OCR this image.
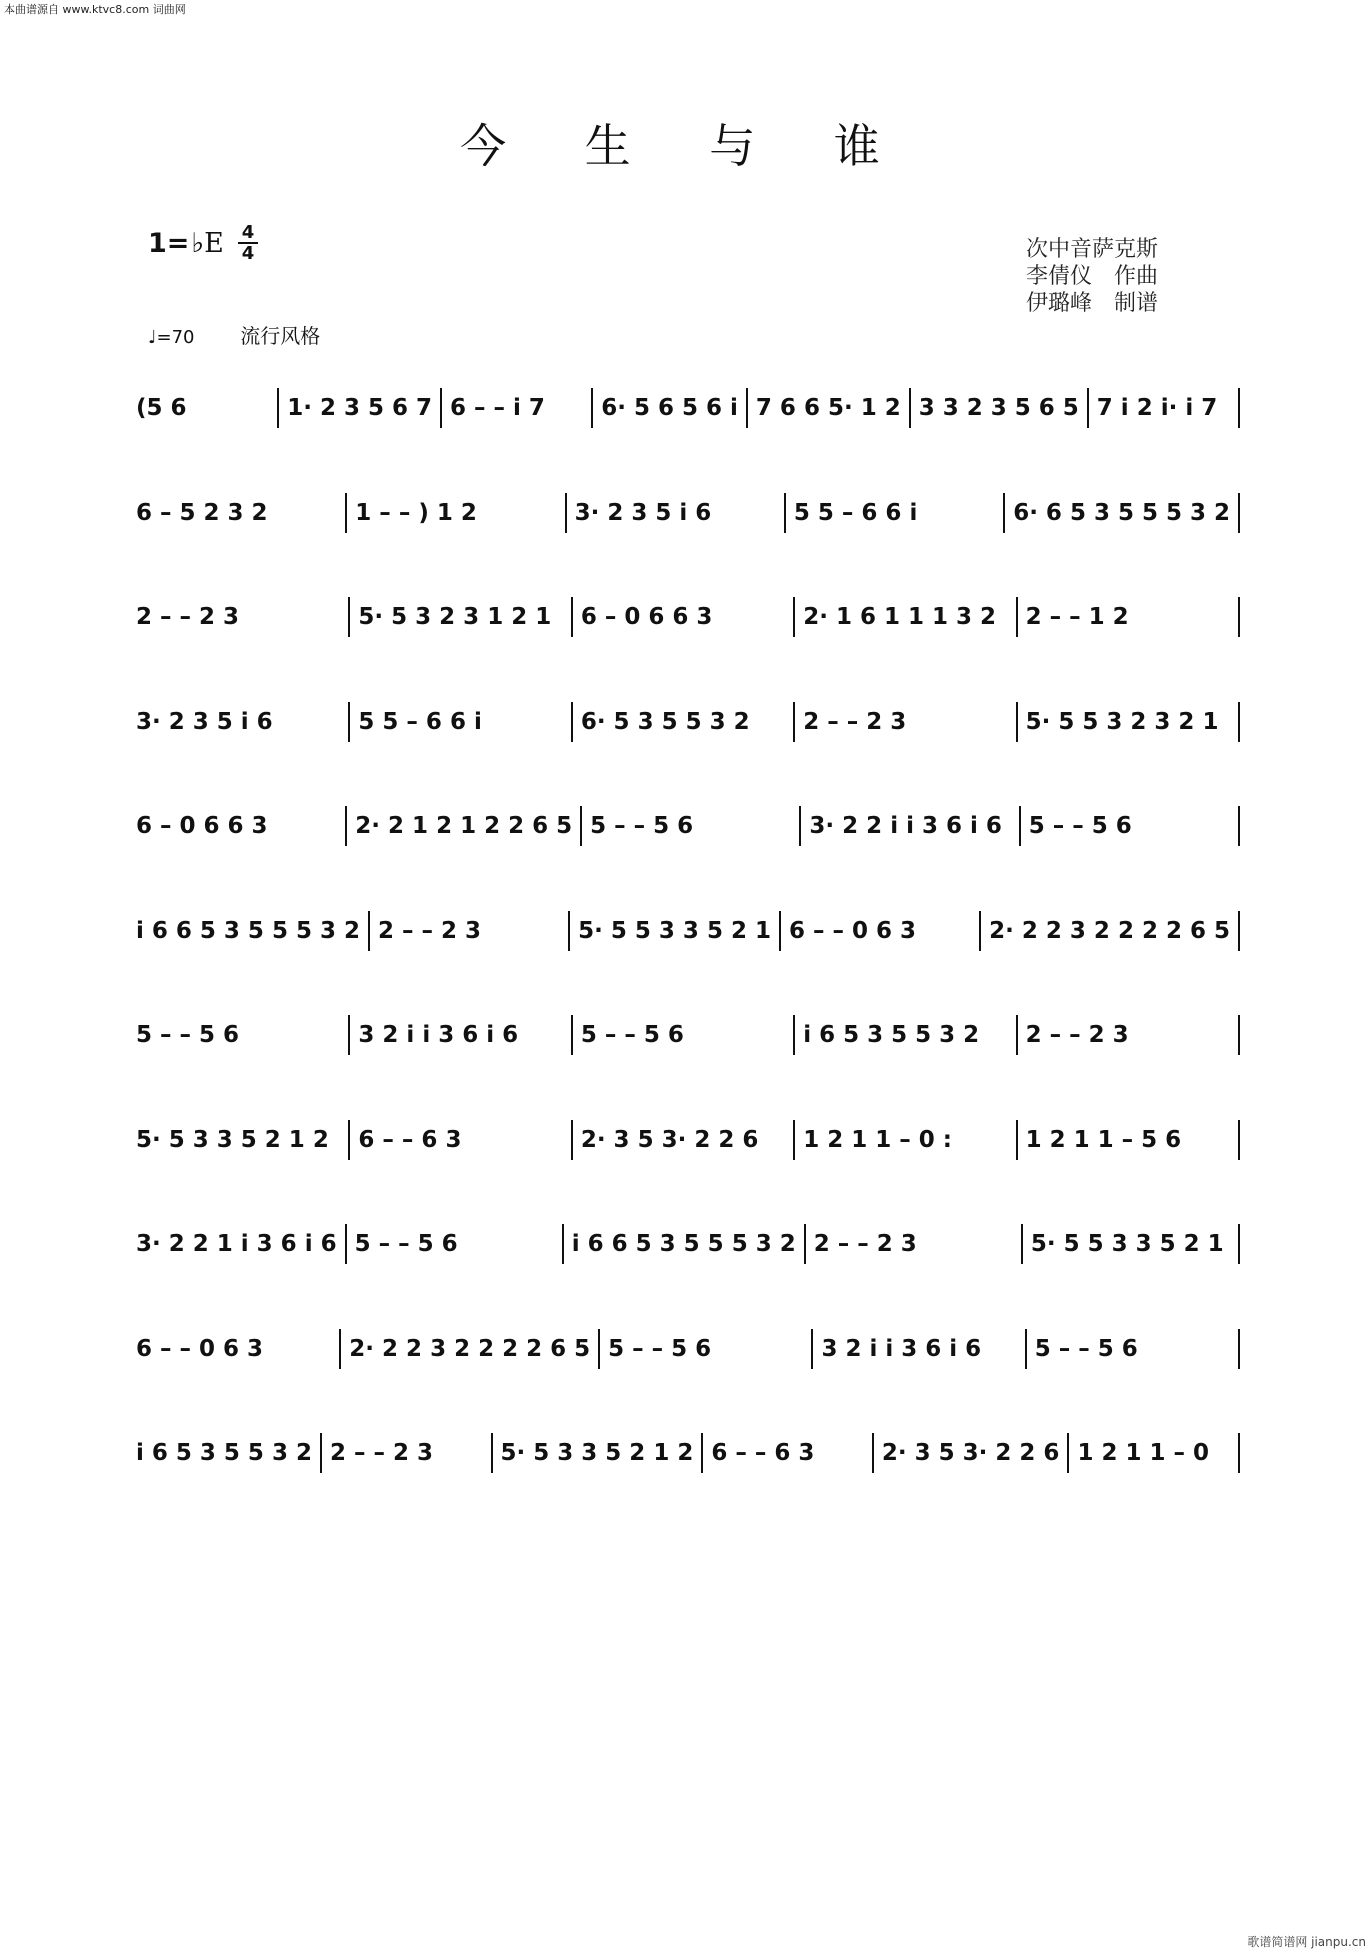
本曲谱源自 www.ktvc8.com 词曲网
今 生 与 谁
1=♭E 4
4
♩=70 流行风格
次中音萨克斯
李倩仪　作曲
伊璐峰　制谱
(5 6	1· 2 3 5 6 7 6 – – i 7	6· 5 6 5 6 i 7 6 6 5· 1 2 3 3 2 3 5 6 5 7 i 2 i· i 7
6 – 5 2 3 2	1 – – ) 1 2	3· 2 3 5 i 6	5 5 – 6 6 i	6· 6 5 3 5 5 5 3 2
2 – – 2 3	5· 5 3 2 3 1 2 1	6 – 0 6 6 3	2· 1 6 1 1 1 3 2	2 – – 1 2
3· 2 3 5 i 6	5 5 – 6 6 i	6· 5 3 5 5 3 2	2 – – 2 3	5· 5 5 3 2 3 2 1
6 – 0 6 6 3	2· 2 1 2 1 2 2 6 5 5 – – 5 6	3· 2 2 i i 3 6 i 6	5 – – 5 6
i 6 6 5 3 5 5 5 3 2 2 – – 2 3	5· 5 5 3 3 5 2 1 6 – – 0 6 3	2· 2 2 3 2 2 2 2 6 5
5 – – 5 6	3 2 i i 3 6 i 6	5 – – 5 6	i 6 5 3 5 5 3 2	2 – – 2 3
5· 5 3 3 5 2 1 2	6 – – 6 3	2· 3 5 3· 2 2 6	1 2 1 1 – 0 :	1 2 1 1 – 5 6
3· 2 2 1 i 3 6 i 6 5 – – 5 6	i 6 6 5 3 5 5 5 3 2 2 – – 2 3	5· 5 5 3 3 5 2 1
6 – – 0 6 3	2· 2 2 3 2 2 2 2 6 5 5 – – 5 6	3 2 i i 3 6 i 6	5 – – 5 6
i 6 5 3 5 5 3 2 2 – – 2 3	5· 5 3 3 5 2 1 2 6 – – 6 3	2· 3 5 3· 2 2 6 1 2 1 1 – 0
歌谱简谱网 jianpu.cn
